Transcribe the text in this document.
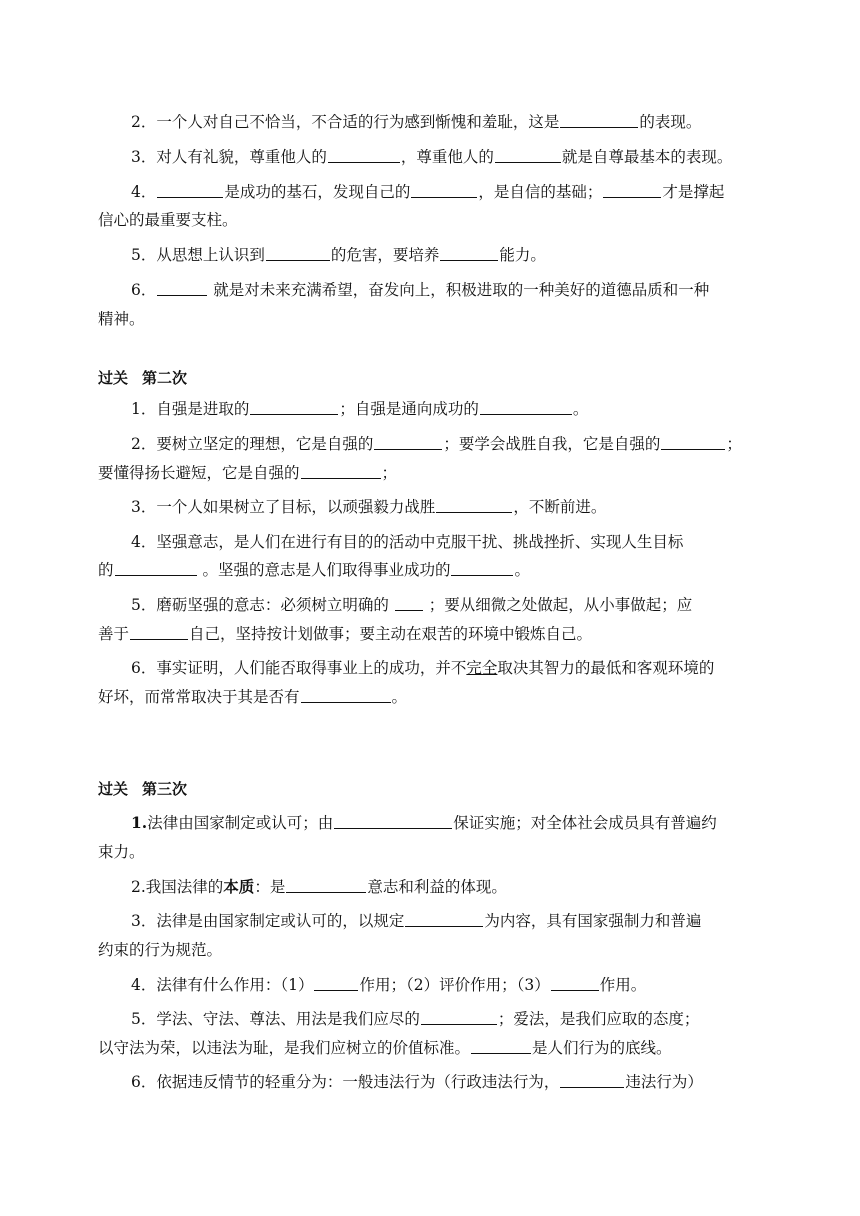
2．一个人对自己不恰当，不合适的行为感到惭愧和羞耻，这是	的表现。
3．对人有礼貌，尊重他人的	，尊重他人的	就是自尊最基本的表现。
4．	是成功的基石，发现自己的	，是自信的基础；	才是撑起
信心的最重要支柱。
5．从思想上认识到	的危害，要培养	能力。
6．	就是对未来充满希望，奋发向上，积极进取的一种美好的道德品质和一种
精神。
过关 第二次
1．自强是进取的	；自强是通向成功的	。
2．要树立坚定的理想，它是自强的	；要学会战胜自我，它是自强的	；
要懂得扬长避短，它是自强的	；
3．一个人如果树立了目标，以顽强毅力战胜	，不断前进。
4．坚强意志，是人们在进行有目的的活动中克服干扰、挑战挫折、实现人生目标
的	。坚强的意志是人们取得事业成功的	。
5．磨砺坚强的意志：必须树立明确的  ；要从细微之处做起，从小事做起；应
善于	自己，坚持按计划做事；要主动在艰苦的环境中锻炼自己。
6．事实证明，人们能否取得事业上的成功，并不完全取决其智力的最低和客观环境的
好坏，而常常取决于其是否有	。
过关 第三次
1.法律由国家制定或认可；由	保证实施；对全体社会成员具有普遍约
束力。
2.我国法律的本质：是	意志和利益的体现。
3．法律是由国家制定或认可的，以规定	为内容，具有国家强制力和普遍
约束的行为规范。
4．法律有什么作用：（1）	作用；（2）评价作用；（3）	作用。
5．学法、守法、尊法、用法是我们应尽的	；爱法，是我们应取的态度；
以守法为荣，以违法为耻，是我们应树立的价值标准。	是人们行为的底线。
6．依据违反情节的轻重分为：一般违法行为（行政违法行为，	违法行为）
